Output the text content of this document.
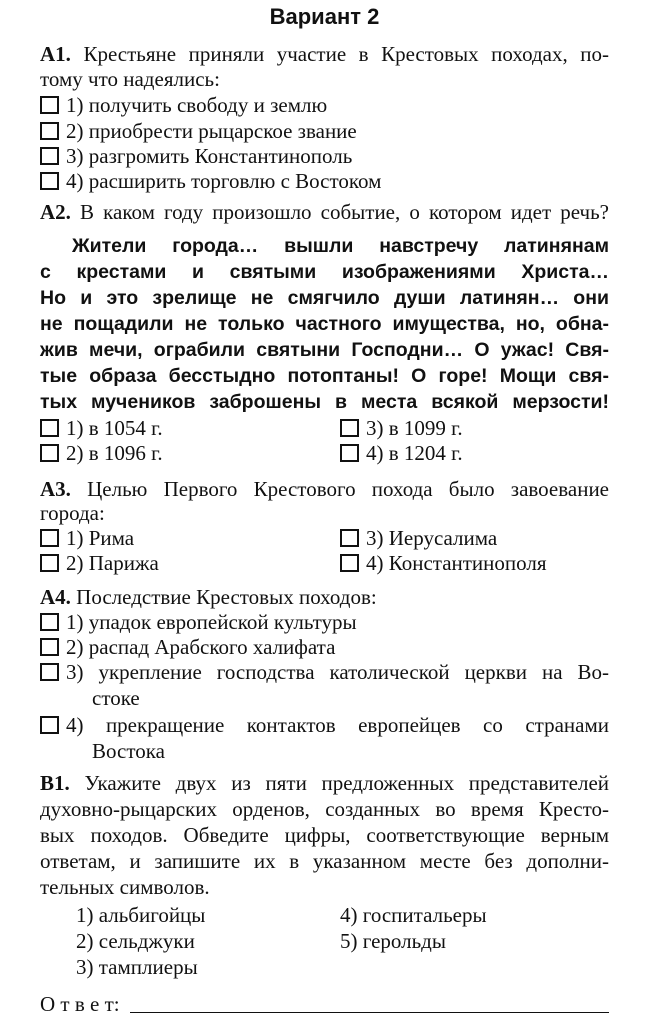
Вариант 2
А1. Крестьяне приняли участие в Крестовых походах, по-
тому что надеялись:
1) получить свободу и землю
2) приобрести рыцарское звание
3) разгромить Константинополь
4) расширить торговлю с Востоком
А2. В каком году произошло событие, о котором идет речь?
Жители города… вышли навстречу латинянам
с крестами и святыми изображениями Христа…
Но и это зрелище не смягчило души латинян… они
не пощадили не только частного имущества, но, обна-
жив мечи, ограбили святыни Господни… О ужас! Свя-
тые образа бесстыдно потоптаны! О горе! Мощи свя-
тых мучеников заброшены в места всякой мерзости!
1) в 1054 г.
2) в 1096 г.
3) в 1099 г.
4) в 1204 г.
А3. Целью Первого Крестового похода было завоевание
города:
1) Рима
2) Парижа
3) Иерусалима
4) Константинополя
А4. Последствие Крестовых походов:
1) упадок европейской культуры
2) распад Арабского халифата
3) укрепление господства католической церкви на Во-
стоке
4) прекращение контактов европейцев со странами
Востока
В1. Укажите двух из пяти предложенных представителей
духовно-рыцарских орденов, созданных во время Кресто-
вых походов. Обведите цифры, соответствующие верным
ответам, и запишите их в указанном месте без дополни-
тельных символов.
1) альбигойцы
2) сельджуки
3) тамплиеры
4) госпитальеры
5) герольды
О т в е т:
